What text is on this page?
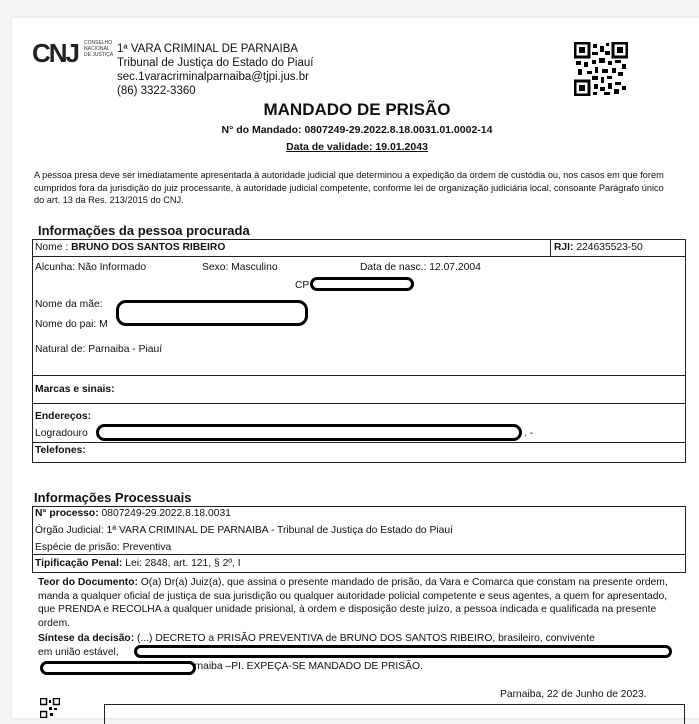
CNJ CONSELHO NACIONAL DE JUSTIÇA 1ª VARA CRIMINAL DE PARNAIBA
Tribunal de Justiça do Estado do Piauí
sec.1varacriminalparnaiba@tjpi.jus.br
(86) 3322-3360
MANDADO DE PRISÃO
N° do Mandado: 0807249-29.2022.8.18.0031.01.0002-14
Data de validade: 19.01.2043
A pessoa presa deve ser imediatamente apresentada à autoridade judicial que determinou a expedição da ordem de custódia ou, nos casos em que forem cumpridos fora da jurisdição do juiz processante, à autoridade judicial competente, conforme lei de organização judiciária local, consoante Parágrafo único do art. 13 da Res. 213/2015 do CNJ.
Informações da pessoa procurada
Nome : BRUNO DOS SANTOS RIBEIRO	RJI: 224635523-50
Alcunha: Não Informado	Sexo: Masculino	Data de nasc.: 12.07.2004
CP
Nome da mãe:
Nome do pai: M
Natural de: Parnaiba - Piauí
Marcas e sinais:
Endereços:
Logradouro	. -
Telefones:
Informações Processuais
N° processo: 0807249-29.2022.8.18.0031
Órgão Judicial: 1ª VARA CRIMINAL DE PARNAIBA - Tribunal de Justiça do Estado do Piauí
Espécie de prisão: Preventiva
Tipificação Penal: Lei: 2848, art. 121, § 2º, I
Teor do Documento: O(a) Dr(a) Juiz(a), que assina o presente mandado de prisão, da Vara e Comarca que constam na presente ordem, manda a qualquer oficial de justiça de sua jurisdição ou qualquer autoridade policial competente e seus agentes, a quem for apresentado, que PRENDA e RECOLHA a qualquer unidade prisional, à ordem e disposição deste juízo, a pessoa indicada e qualificada na presente ordem.
Síntese da decisão: (...) DECRETO a PRISÃO PREVENTIVA de BRUNO DOS SANTOS RIBEIRO, brasileiro, convivente
em união estável,
rnaiba –PI. EXPEÇA-SE MANDADO DE PRISÃO.
Parnaiba, 22 de Junho de 2023.
